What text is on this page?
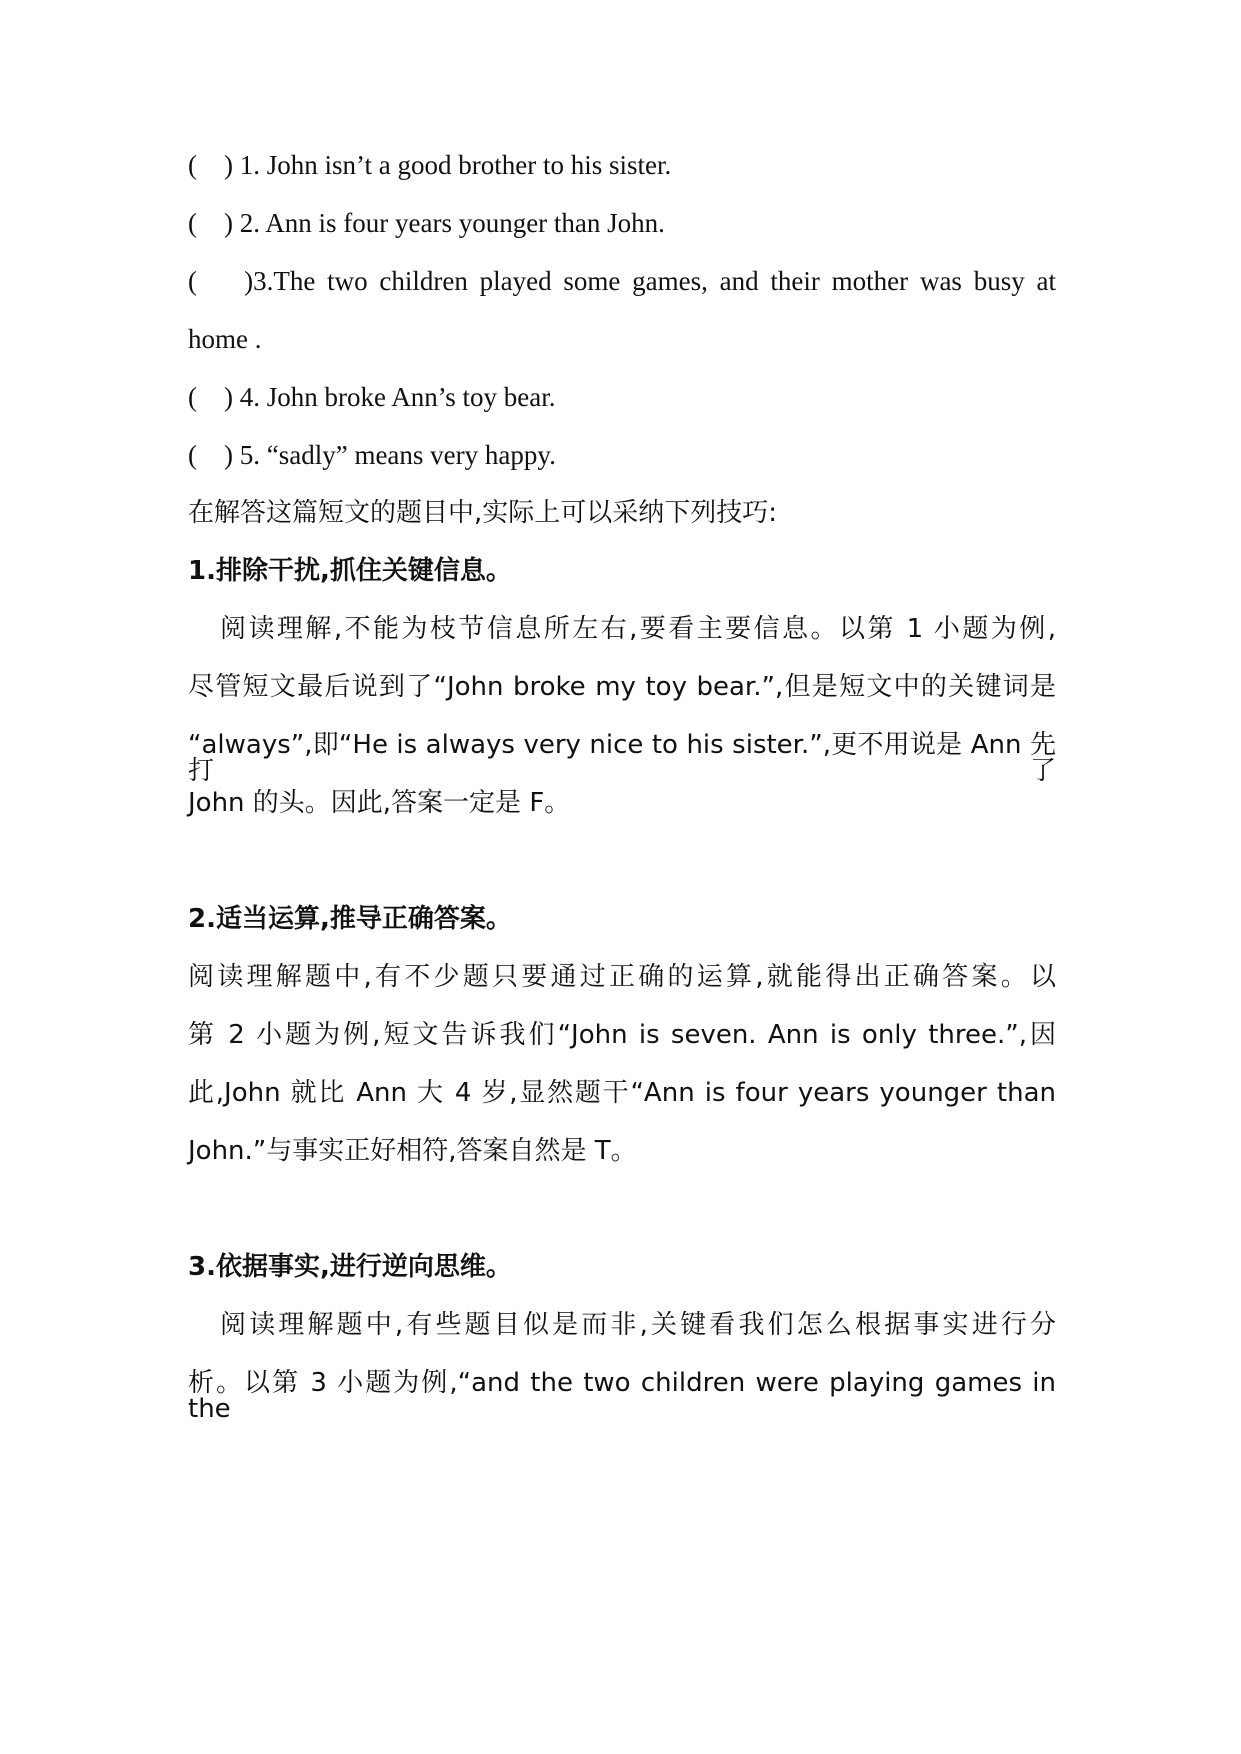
(    ) 1. John isn’t a good brother to his sister.
(    ) 2. Ann is four years younger than John.
(    )3.The two children played some games, and their mother was busy at
home .
(    ) 4. John broke Ann’s toy bear.
(    ) 5. “sadly” means very happy.
在解答这篇短文的题目中,实际上可以采纳下列技巧:
1.排除干扰,抓住关键信息。
阅读理解,不能为枝节信息所左右,要看主要信息。以第 1 小题为例,
尽管短文最后说到了“John broke my toy bear.”,但是短文中的关键词是
“always”,即“He is always very nice to his sister.”,更不用说是 Ann 先打了
John 的头。因此,答案一定是 F。
2.适当运算,推导正确答案。
阅读理解题中,有不少题只要通过正确的运算,就能得出正确答案。以
第 2 小题为例,短文告诉我们“John is seven. Ann is only three.”,因
此,John 就比 Ann 大 4 岁,显然题干“Ann is four years younger than
John.”与事实正好相符,答案自然是 T。
3.依据事实,进行逆向思维。
阅读理解题中,有些题目似是而非,关键看我们怎么根据事实进行分
析。以第 3 小题为例,“and the two children were playing games in the
